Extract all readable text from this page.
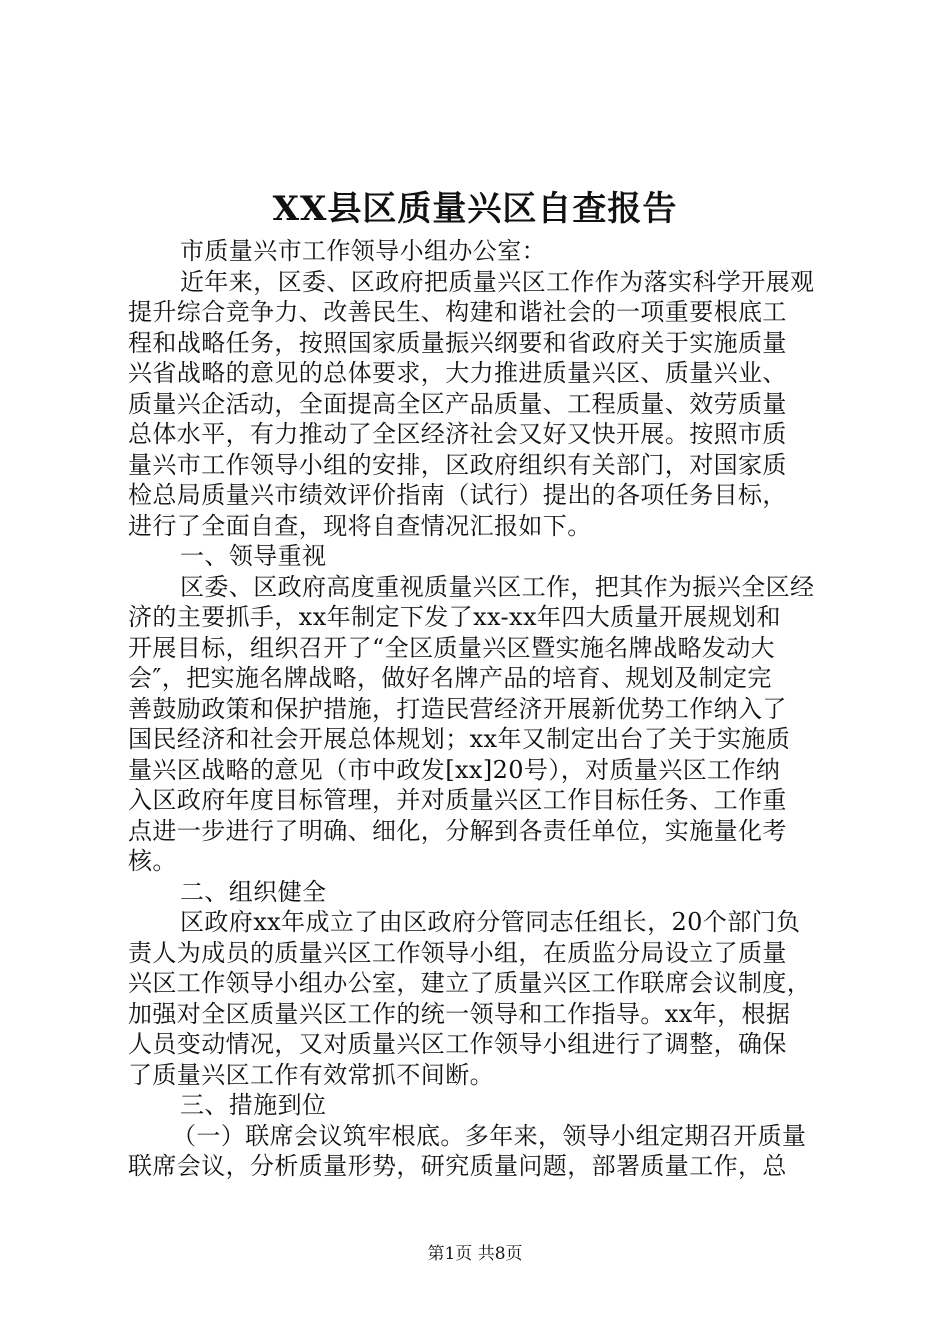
XX县区质量兴区自查报告
市质量兴市工作领导小组办公室：
近年来，区委、区政府把质量兴区工作作为落实科学开展观
提升综合竞争力、改善民生、构建和谐社会的一项重要根底工
程和战略任务，按照国家质量振兴纲要和省政府关于实施质量
兴省战略的意见的总体要求，大力推进质量兴区、质量兴业、
质量兴企活动，全面提高全区产品质量、工程质量、效劳质量
总体水平，有力推动了全区经济社会又好又快开展。按照市质
量兴市工作领导小组的安排，区政府组织有关部门，对国家质
检总局质量兴市绩效评价指南（试行）提出的各项任务目标，
进行了全面自查，现将自查情况汇报如下。
一、领导重视
区委、区政府高度重视质量兴区工作，把其作为振兴全区经
济的主要抓手，xx年制定下发了xx-xx年四大质量开展规划和
开展目标，组织召开了“全区质量兴区暨实施名牌战略发动大
会″，把实施名牌战略，做好名牌产品的培育、规划及制定完
善鼓励政策和保护措施，打造民营经济开展新优势工作纳入了
国民经济和社会开展总体规划；xx年又制定出台了关于实施质
量兴区战略的意见（市中政发[xx]20号），对质量兴区工作纳
入区政府年度目标管理，并对质量兴区工作目标任务、工作重
点进一步进行了明确、细化，分解到各责任单位，实施量化考
核。
二、组织健全
区政府xx年成立了由区政府分管同志任组长，20个部门负
责人为成员的质量兴区工作领导小组，在质监分局设立了质量
兴区工作领导小组办公室，建立了质量兴区工作联席会议制度，
加强对全区质量兴区工作的统一领导和工作指导。xx年，根据
人员变动情况，又对质量兴区工作领导小组进行了调整，确保
了质量兴区工作有效常抓不间断。
三、措施到位
（一）联席会议筑牢根底。多年来，领导小组定期召开质量
联席会议，分析质量形势，研究质量问题，部署质量工作，总
第1页 共8页
